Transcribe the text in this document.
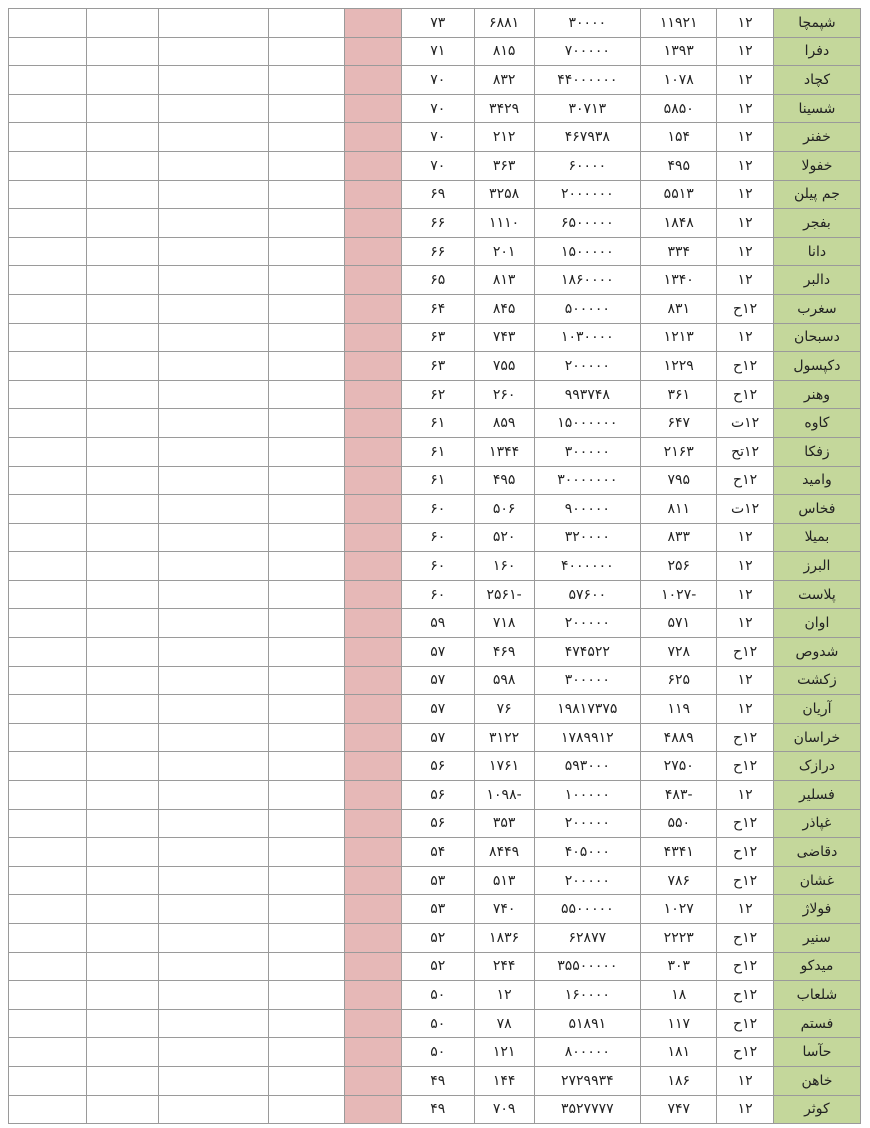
					۷۳	۶۸۸۱	۳۰۰۰۰	۱۱۹۲۱	۱۲	شپمچا
					۷۱	۸۱۵	۷۰۰۰۰۰	۱۳۹۳	۱۲	دفرا
					۷۰	۸۳۲	۴۴۰۰۰۰۰۰	۱۰۷۸	۱۲	کچاد
					۷۰	۳۴۲۹	۳۰۷۱۳	۵۸۵۰	۱۲	شسینا
					۷۰	۲۱۲	۴۶۷۹۳۸	۱۵۴	۱۲	خفنر
					۷۰	۳۶۳	۶۰۰۰۰	۴۹۵	۱۲	خفولا
					۶۹	۳۲۵۸	۲۰۰۰۰۰۰	۵۵۱۳	۱۲	جم پیلن
					۶۶	۱۱۱۰	۶۵۰۰۰۰۰	۱۸۴۸	۱۲	بفجر
					۶۶	۲۰۱	۱۵۰۰۰۰۰	۳۳۴	۱۲	دانا
					۶۵	۸۱۳	۱۸۶۰۰۰۰	۱۳۴۰	۱۲	دالبر
					۶۴	۸۴۵	۵۰۰۰۰۰	۸۳۱	۱۲ح	سغرب
					۶۳	۷۴۳	۱۰۳۰۰۰۰	۱۲۱۳	۱۲	دسبحان
					۶۳	۷۵۵	۲۰۰۰۰۰	۱۲۲۹	۱۲ح	دکپسول
					۶۲	۲۶۰	۹۹۳۷۴۸	۳۶۱	۱۲ح	وهنر
					۶۱	۸۵۹	۱۵۰۰۰۰۰۰	۶۴۷	۱۲ت	کاوه
					۶۱	۱۳۴۴	۳۰۰۰۰۰	۲۱۶۳	۱۲تح	زفکا
					۶۱	۴۹۵	۳۰۰۰۰۰۰۰	۷۹۵	۱۲ح	وامید
					۶۰	۵۰۶	۹۰۰۰۰۰	۸۱۱	۱۲ت	فخاس
					۶۰	۵۲۰	۳۲۰۰۰۰	۸۳۳	۱۲	بمیلا
					۶۰	۱۶۰	۴۰۰۰۰۰۰	۲۵۶	۱۲	البرز
					۶۰	-۲۵۶۱	۵۷۶۰۰	-۱۰۲۷	۱۲	پلاست
					۵۹	۷۱۸	۲۰۰۰۰۰	۵۷۱	۱۲	اوان
					۵۷	۴۶۹	۴۷۴۵۲۲	۷۲۸	۱۲ح	شدوص
					۵۷	۵۹۸	۳۰۰۰۰۰	۶۲۵	۱۲	زکشت
					۵۷	۷۶	۱۹۸۱۷۳۷۵	۱۱۹	۱۲	آریان
					۵۷	۳۱۲۲	۱۷۸۹۹۱۲	۴۸۸۹	۱۲ح	خراسان
					۵۶	۱۷۶۱	۵۹۳۰۰۰	۲۷۵۰	۱۲ح	درازک
					۵۶	-۱۰۹۸	۱۰۰۰۰۰	-۴۸۳	۱۲	فسلیر
					۵۶	۳۵۳	۲۰۰۰۰۰	۵۵۰	۱۲ح	غپاذر
					۵۴	۸۴۴۹	۴۰۵۰۰۰	۴۳۴۱	۱۲ح	دقاضی
					۵۳	۵۱۳	۲۰۰۰۰۰	۷۸۶	۱۲ح	غشان
					۵۳	۷۴۰	۵۵۰۰۰۰۰	۱۰۲۷	۱۲	فولاژ
					۵۲	۱۸۳۶	۶۲۸۷۷	۲۲۲۳	۱۲ح	سنیر
					۵۲	۲۴۴	۳۵۵۰۰۰۰۰	۳۰۳	۱۲ح	میدکو
					۵۰	۱۲	۱۶۰۰۰۰	۱۸	۱۲ح	شلعاب
					۵۰	۷۸	۵۱۸۹۱	۱۱۷	۱۲ح	فستم
					۵۰	۱۲۱	۸۰۰۰۰۰	۱۸۱	۱۲ح	حآسا
					۴۹	۱۴۴	۲۷۲۹۹۳۴	۱۸۶	۱۲	خاهن
					۴۹	۷۰۹	۳۵۲۷۷۷۷	۷۴۷	۱۲	کوثر
